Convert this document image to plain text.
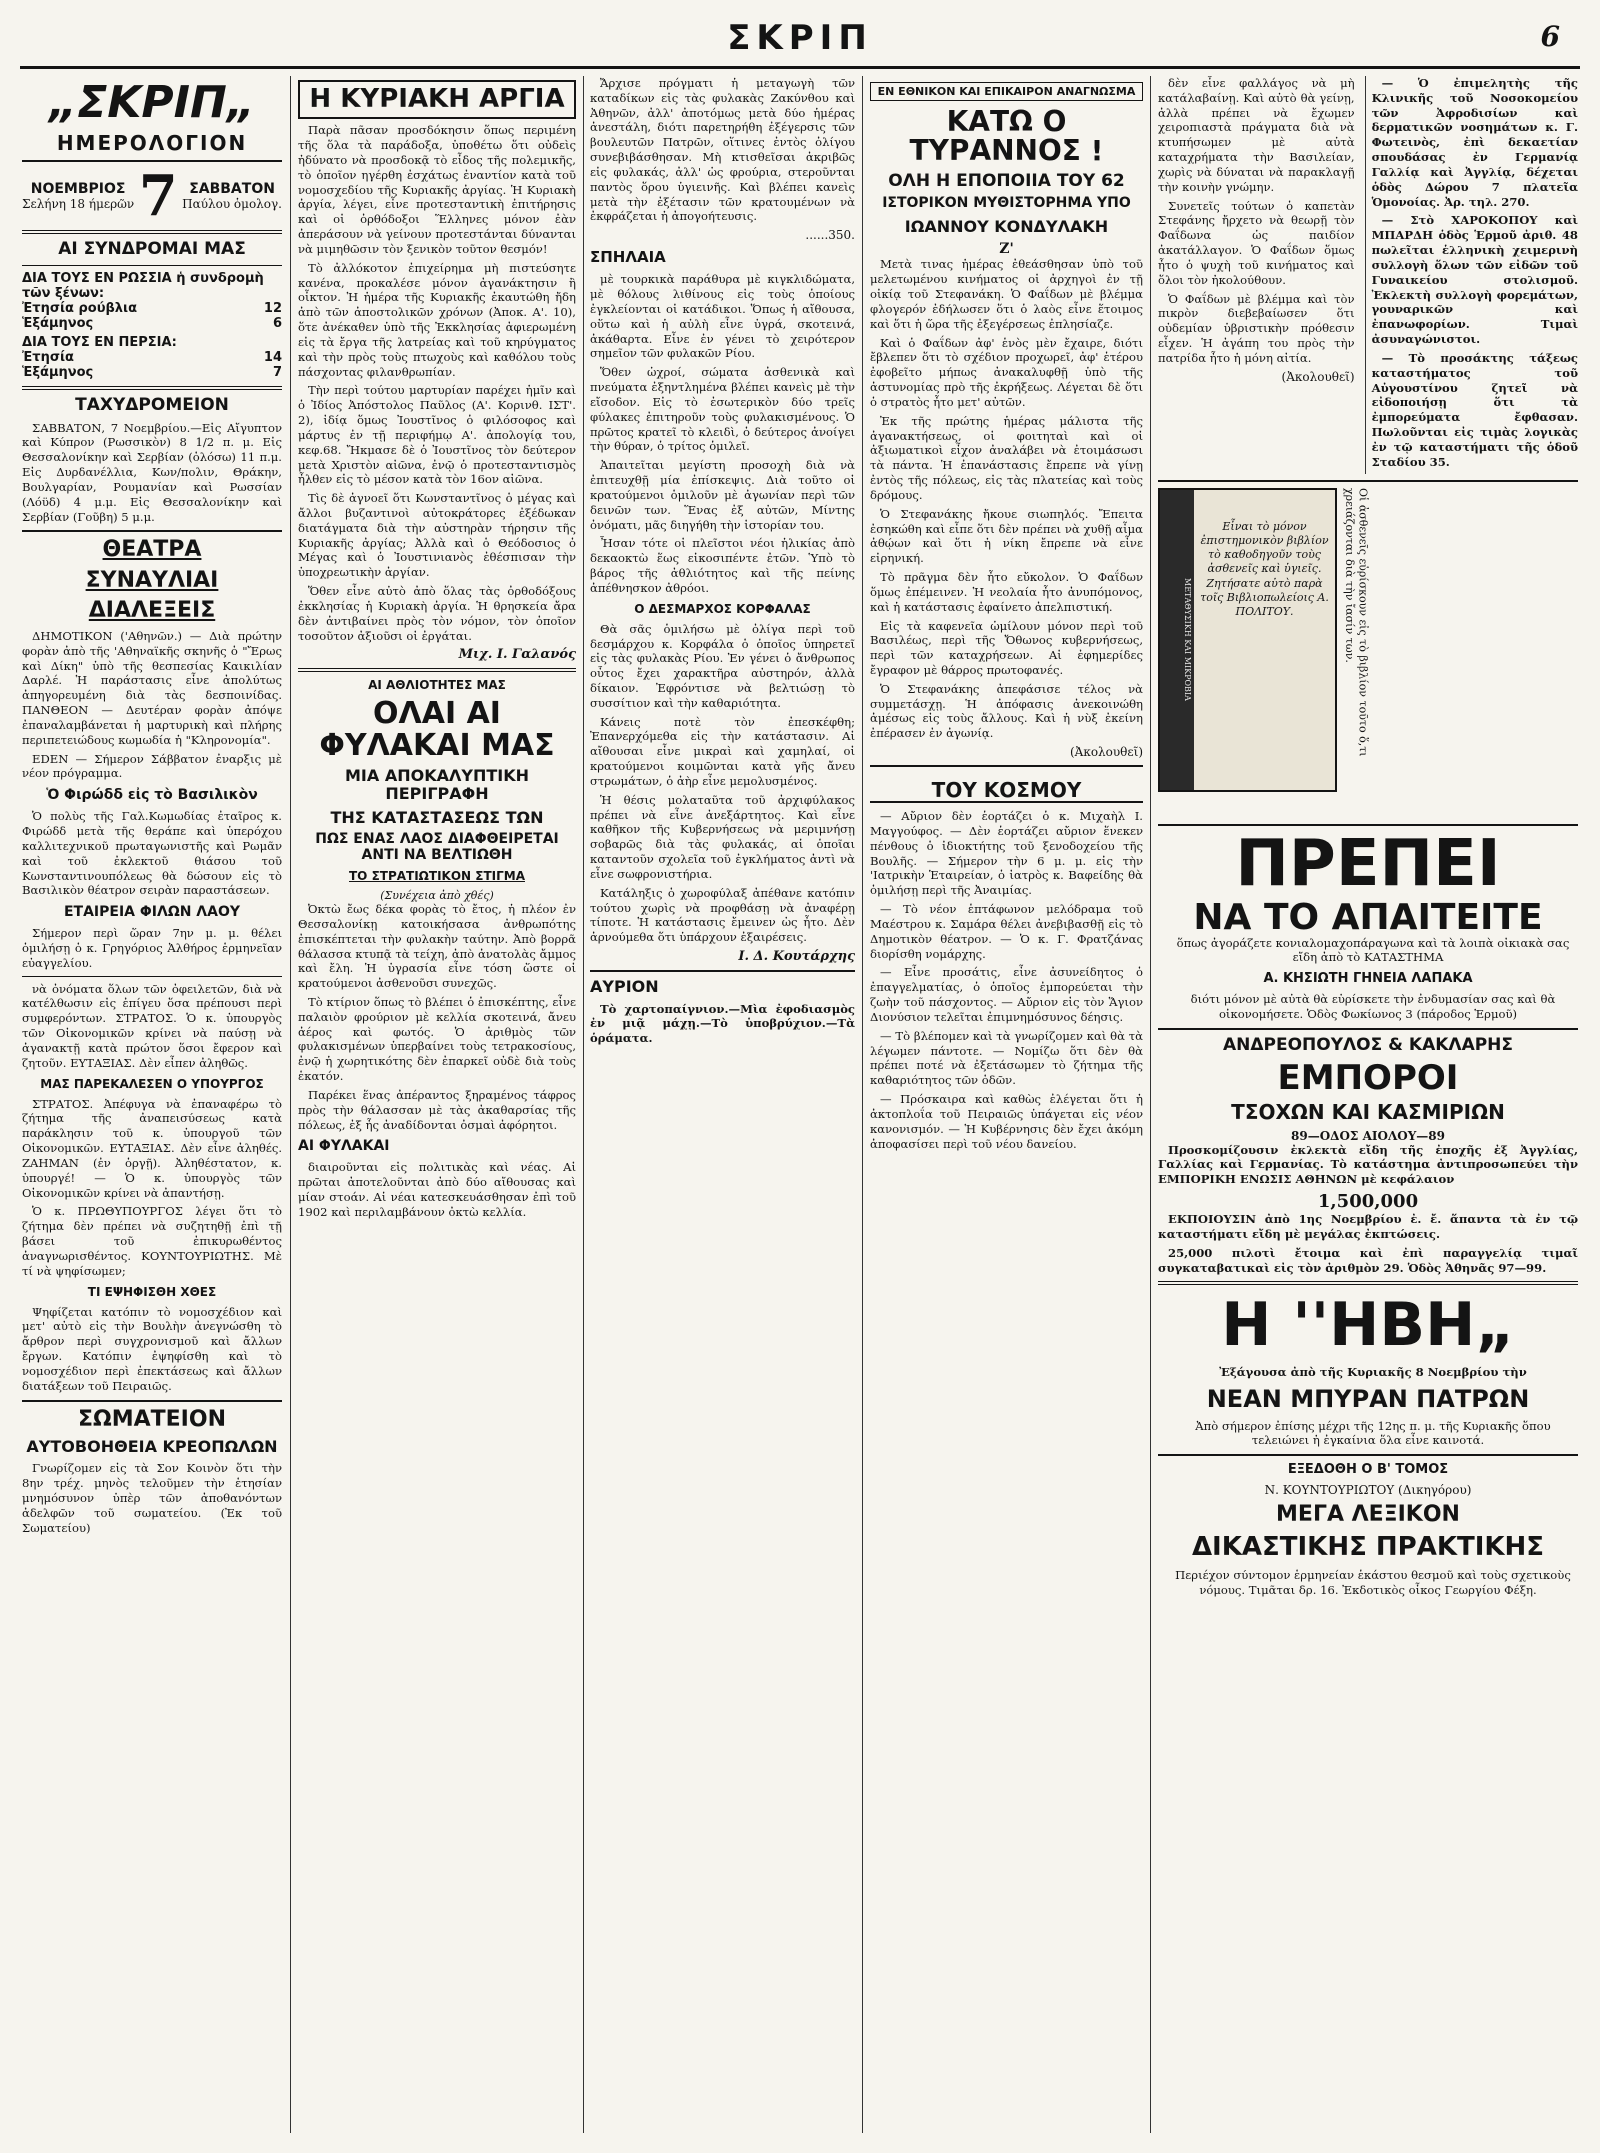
ΣΚΡΙΠ	6
„ΣΚΡΙΠ„
ΗΜΕΡΟΛΟΓΙΟΝ
ΝΟΕΜΒΡΙΟΣ
Σελήνη 18 ήμερῶν 7 ΣΑΒΒΑΤΟΝ
Παύλου ὁμολογ.
ΑΙ ΣΥΝΔΡΟΜΑΙ ΜΑΣ
ΔΙΑ ΤΟΥΣ ΕΝ ΡΩΣΣΙΑ ἡ συνδρομὴ τῶν ξένων:
Ἐτησία ρούβλια	12
Ἑξάμηνος	6
ΔΙΑ ΤΟΥΣ ΕΝ ΠΕΡΣΙΑ:
Ἐτησία	14
Ἑξάμηνος	7
ΤΑΧΥΔΡΟΜΕΙΟΝ

ΣΑΒΒΑΤΟΝ, 7 Νοεμβρίου.—Εἰς Αἴγυπτον καὶ Κύπρον (Ρωσσικὸν) 8 1/2 π. μ. Εἰς Θεσσαλονίκην καὶ Σερβίαν (ὁλόσω) 11 π.μ. Εἰς Δυρδανέλλια, Κων/πολιν, Θράκην, Βουλγαρίαν, Ρουμανίαν καὶ Ρωσσίαν (Λόϋδ) 4 μ.μ. Εἰς Θεσσαλονίκην καὶ Σερβίαν (Γοῦβη) 5 μ.μ.

ΘΕΑΤΡΑ
ΣΥΝΑΥΛΙΑΙ
ΔΙΑΛΕΞΕΙΣ

ΔΗΜΟΤΙΚΟΝ ('Αθηνῶν.) — Διὰ πρώτην φορὰν ἀπὸ τῆς 'Αθηναϊκῆς σκηνῆς ὁ "Ἔρως καὶ Δίκη" ὑπὸ τῆς θεσπεσίας Καικιλίαν Δαρλέ. Ἡ παράστασις εἶνε ἀπολύτως ἀπηγορευμένη διὰ τὰς δεσποινίδας. ΠΑΝΘΕΟΝ — Δευτέραν φορὰν ἀπόψε ἐπαναλαμβάνεται ἡ μαρτυρικὴ καὶ πλήρης περιπετειώδους κωμωδία ἡ "Κληρονομία".

EDEN — Σήμερον Σάββατον ἐναρξις μὲ νέον πρόγραμμα.

Ὁ Φιρώδδ εἰς τὸ Βασιλικὸν

Ὁ πολὺς τῆς Γαλ.Κωμωδίας ἐταῖρος κ. Φιρώδδ μετὰ τῆς θεράπε καὶ ὑπερόχου καλλιτεχνικοῦ πρωταγωνιστῆς καὶ Ρωμᾶν καὶ τοῦ ἐκλεκτοῦ θιάσου τοῦ Κωνσταντινουπόλεως θὰ δώσουν εἰς τὸ Βασιλικὸν θέατρον σειρὰν παραστάσεων.

ΕΤΑΙΡΕΙΑ ΦΙΛΩΝ ΛΑΟΥ

Σήμερον περὶ ὥραν 7ην μ. μ. θέλει ὁμιλήσῃ ὁ κ. Γρηγόριος Ἀλθήρος ἑρμηνεῖαν εὐαγγελίου.

νὰ ὀνόματα ὅλων τῶν ὀφειλετῶν, διὰ νὰ κατέλθωσιν εἰς ἐπίγευ ὅσα πρέπουσι περὶ συμφερόντων. ΣΤΡΑΤΟΣ. Ὁ κ. ὑπουργὸς τῶν Οἰκονομικῶν κρίνει νὰ παύσῃ νὰ ἀγανακτῇ κατὰ πρώτον ὅσοι ἔφερον καὶ ζητοῦν. ΕΥΤΑΞΙΑΣ. Δὲν εἶπεν ἀληθῶς.

ΜΑΣ ΠΑΡΕΚΑΛΕΣΕΝ Ο ΥΠΟΥΡΓΟΣ

ΣΤΡΑΤΟΣ. Ἀπέφυγα νὰ ἐπαναφέρω τὸ ζήτημα τῆς ἀναπεισύσεως κατὰ παράκλησιν τοῦ κ. ὑπουργοῦ τῶν Οἰκονομικῶν. ΕΥΤΑΞΙΑΣ. Δὲν εἶνε ἀληθές. ΖΑΗΜΑΝ (ἐν ὁργῇ). Ἀληθέστατον, κ. ὑπουργέ! — Ὁ κ. ὑπουργὸς τῶν Οἰκονομικῶν κρίνει νὰ ἀπαντήσῃ.

Ὁ κ. ΠΡΩΘΥΠΟΥΡΓΟΣ λέγει ὅτι τὸ ζήτημα δὲν πρέπει νὰ συζητηθῇ ἐπὶ τῇ βάσει τοῦ ἐπικυρωθέντος ἀναγνωρισθέντος. ΚΟΥΝΤΟΥΡΙΩΤΗΣ. Μὲ τί νὰ ψηφίσωμεν;

ΤΙ ΕΨΗΦΙΣΘΗ ΧΘΕΣ

Ψηφίζεται κατόπιν τὸ νομοσχέδιον καὶ μετ' αὐτὸ εἰς τὴν Βουλὴν ἀνεγνώσθη τὸ ἄρθρον περὶ συγχρονισμοῦ καὶ ἄλλων ἔργων. Κατόπιν ἐψηφίσθη καὶ τὸ νομοσχέδιον περὶ ἐπεκτάσεως καὶ ἄλλων διατάξεων τοῦ Πειραιῶς.

ΣΩΜΑΤΕΙΟΝ
ΑΥΤΟΒΟΗΘΕΙΑ ΚΡΕΟΠΩΛΩΝ

Γνωρίζομεν εἰς τὰ Σον Κοινὸν ὅτι τὴν 8ην τρέχ. μηνὸς τελοῦμεν τὴν ἑτησίαν μνημόσυνον ὑπὲρ τῶν ἀποθανόντων ἀδελφῶν τοῦ σωματείου. (Ἐκ τοῦ Σωματείου)

Η ΚΥΡΙΑΚΗ ΑΡΓΙΑ

Παρὰ πᾶσαν προσδόκησιν ὅπως περιμένη τῆς ὅλα τὰ παράδοξα, ὑποθέτω ὅτι οὐδεὶς ἠδύνατο νὰ προσδοκᾷ τὸ εἶδος τῆς πολεμικῆς, τὸ ὁποῖον ηγέρθη ἐσχάτως ἐναντίον κατὰ τοῦ νομοσχεδίου τῆς Κυριακῆς ἀργίας. Ἡ Κυριακὴ ἀργία, λέγει, εἶνε προτεσταντικὴ ἐπιτήρησις καὶ οἱ ὀρθόδοξοι Ἕλληνες μόνον ἐὰν ἀπεράσουν νὰ γείνουν προτεστάνται δύνανται νὰ μιμηθῶσιν τὸν ξενικὸν τοῦτον θεσμόν!

Τὸ ἀλλόκοτον ἐπιχείρημα μὴ πιστεύσητε κανένα, προκαλέσε μόνον ἀγανάκτησιν ἢ οἶκτον. Ἡ ἡμέρα τῆς Κυριακῆς ἐκαυτώθη ἤδη ἀπὸ τῶν ἀποστολικῶν χρόνων (Ἀποκ. Α'. 10), ὅτε ἀνέκαθεν ὑπὸ τῆς Ἐκκλησίας ἀφιερωμένη εἰς τὰ ἔργα τῆς λατρείας καὶ τοῦ κηρύγματος καὶ τὴν πρὸς τοὺς πτωχοὺς καὶ καθόλου τοὺς πάσχοντας φιλανθρωπίαν.

Τὴν περὶ τούτου μαρτυρίαν παρέχει ἡμῖν καὶ ὁ Ἰδίος Ἀπόστολος Παῦλος (Α'. Κορινθ. ΙΣΤ'. 2), ἰδίᾳ ὅμως Ἰουστῖνος ὁ φιλόσοφος καὶ μάρτυς ἐν τῇ περιφήμῳ Α'. ἀπολογίᾳ του, κεφ.68. Ἤκμασε δὲ ὁ Ἰουστῖνος τὸν δεύτερον μετὰ Χριστὸν αἰῶνα, ἐνῷ ὁ προτεσταντισμὸς ἦλθεν εἰς τὸ μέσον κατὰ τὸν 16ον αἰῶνα.

Τὶς δὲ ἀγνοεῖ ὅτι Κωνσταντῖνος ὁ μέγας καὶ ἄλλοι βυζαντινοὶ αὐτοκράτορες ἐξέδωκαν διατάγματα διὰ τὴν αὐστηρὰν τήρησιν τῆς Κυριακῆς ἀργίας; Ἀλλὰ καὶ ὁ Θεόδοσιος ὁ Μέγας καὶ ὁ Ἰουστινιανὸς ἐθέσπισαν τὴν ὑποχρεωτικὴν ἀργίαν.

Ὅθεν εἶνε αὐτὸ ἀπὸ ὅλας τὰς ὀρθοδόξους ἐκκλησίας ἡ Κυριακὴ ἀργία. Ἡ θρησκεία ἄρα δὲν ἀντιβαίνει πρὸς τὸν νόμον, τὸν ὁποῖον τοσοῦτον ἀξιοῦσι οἱ ἐργάται.

Μιχ. Ι. Γαλανός
ΑΙ ΑΘΛΙΟΤΗΤΕΣ ΜΑΣ
ΟΛΑΙ ΑΙ ΦΥΛΑΚΑΙ ΜΑΣ
ΜΙΑ ΑΠΟΚΑΛΥΠΤΙΚΗ ΠΕΡΙΓΡΑΦΗ
ΤΗΣ ΚΑΤΑΣΤΑΣΕΩΣ ΤΩΝ
ΠΩΣ ΕΝΑΣ ΛΑΟΣ ΔΙΑΦΘΕΙΡΕΤΑΙ ΑΝΤΙ ΝΑ ΒΕΛΤΙΩΘΗ
ΤΟ ΣΤΡΑΤΙΩΤΙΚΟΝ ΣΤΙΓΜΑ
(Συνέχεια ἀπὸ χθές)

Ὀκτὼ ἔως δέκα φορὰς τὸ ἔτος, ἡ πλέον ἐν Θεσσαλονίκῃ κατοικήσασα ἀνθρωπότης ἐπισκέπτεται τὴν φυλακὴν ταύτην. Ἀπὸ βορρᾶ θάλασσα κτυπᾷ τὰ τείχη, ἀπὸ ἀνατολὰς ἄμμος καὶ ἔλη. Ἡ ὑγρασία εἶνε τόση ὥστε οἱ κρατούμενοι ἀσθενοῦσι συνεχῶς.

Τὸ κτίριον ὅπως τὸ βλέπει ὁ ἐπισκέπτης, εἶνε παλαιὸν φρούριον μὲ κελλία σκοτεινά, ἄνευ ἀέρος καὶ φωτός. Ὁ ἀριθμὸς τῶν φυλακισμένων ὑπερβαίνει τοὺς τετρακοσίους, ἐνῷ ἡ χωρητικότης δὲν ἐπαρκεῖ οὐδὲ διὰ τοὺς ἑκατόν.

Παρέκει ἕνας ἀπέραντος ξηραμένος τάφρος πρὸς τὴν θάλασσαν μὲ τὰς ἀκαθαρσίας τῆς πόλεως, ἐξ ἧς ἀναδίδονται ὀσμαὶ ἀφόρητοι.

ΑΙ ΦΥΛΑΚΑΙ

διαιροῦνται εἰς πολιτικὰς καὶ νέας. Αἱ πρῶται ἀποτελοῦνται ἀπὸ δύο αἴθουσας καὶ μίαν στοάν. Αἱ νέαι κατεσκευάσθησαν ἐπὶ τοῦ 1902 καὶ περιλαμβάνουν ὀκτὼ κελλία.

Ἄρχισε πρόγματι ἡ μεταγωγὴ τῶν καταδίκων εἰς τὰς φυλακὰς Ζακύνθου καὶ Ἀθηνῶν, ἀλλ' ἀποτόμως μετὰ δύο ἡμέρας ἀνεστάλη, διότι παρετηρήθη ἐξέγερσις τῶν βουλευτῶν Πατρῶν, οἵτινες ἐντὸς ὀλίγου συνεβιβάσθησαν. Μὴ κτισθεῖσαι ἀκριβῶς εἰς φυλακάς, ἀλλ' ὡς φρούρια, στεροῦνται παντὸς ὅρου ὑγιεινῆς. Καὶ βλέπει κανεὶς μετὰ τὴν ἐξέτασιν τῶν κρατουμένων νὰ ἐκφράζεται ἡ ἀπογοήτευσις.

......350.
ΣΠΗΛΑΙΑ

μὲ τουρκικὰ παράθυρα μὲ κιγκλιδώματα, μὲ θόλους λιθίνους εἰς τοὺς ὁποίους ἐγκλείονται οἱ κατάδικοι. Ὅπως ἡ αἴθουσα, οὕτω καὶ ἡ αὐλὴ εἶνε ὑγρά, σκοτεινά, ἀκάθαρτα. Εἶνε ἐν γένει τὸ χειρότερον σημεῖον τῶν φυλακῶν Ρίου.

Ὅθεν ὠχροί, σώματα ἀσθενικὰ καὶ πνεύματα ἐξηντλημένα βλέπει κανεὶς μὲ τὴν εἴσοδον. Εἰς τὸ ἐσωτερικὸν δύο τρεῖς φύλακες ἐπιτηροῦν τοὺς φυλακισμένους. Ὁ πρῶτος κρατεῖ τὸ κλειδὶ, ὁ δεύτερος ἀνοίγει τὴν θύραν, ὁ τρίτος ὁμιλεῖ.

Ἀπαιτεῖται μεγίστη προσοχὴ διὰ νὰ ἐπιτευχθῇ μία ἐπίσκεψις. Διὰ τοῦτο οἱ κρατούμενοι ὁμιλοῦν μὲ ἀγωνίαν περὶ τῶν δεινῶν των. Ἕνας ἐξ αὐτῶν, Μίντης ὀνόματι, μᾶς διηγήθη τὴν ἱστορίαν του.

Ἦσαν τότε οἱ πλεῖστοι νέοι ἡλικίας ἀπὸ δεκαοκτὼ ἕως εἰκοσιπέντε ἐτῶν. Ὑπὸ τὸ βάρος τῆς ἀθλιότητος καὶ τῆς πείνης ἀπέθνησκον ἀθρόοι.

Ο ΔΕΣΜΑΡΧΟΣ ΚΟΡΦΑΛΑΣ

Θὰ σᾶς ὁμιλήσω μὲ ὀλίγα περὶ τοῦ δεσμάρχου κ. Κορφάλα ὁ ὁποῖος ὑπηρετεῖ εἰς τὰς φυλακὰς Ρίου. Ἐν γένει ὁ ἄνθρωπος οὗτος ἔχει χαρακτῆρα αὐστηρόν, ἀλλὰ δίκαιον. Ἐφρόντισε νὰ βελτιώσῃ τὸ συσσίτιον καὶ τὴν καθαριότητα.

Κάνεις ποτὲ τὸν ἐπεσκέφθη; Ἐπανερχόμεθα εἰς τὴν κατάστασιν. Αἱ αἴθουσαι εἶνε μικραὶ καὶ χαμηλαί, οἱ κρατούμενοι κοιμῶνται κατὰ γῆς ἄνευ στρωμάτων, ὁ ἀὴρ εἶνε μεμολυσμένος.

Ἡ θέσις μολαταῦτα τοῦ ἀρχιφύλακος πρέπει νὰ εἶνε ἀνεξάρτητος. Καὶ εἶνε καθῆκον τῆς Κυβερνήσεως νὰ μεριμνήσῃ σοβαρῶς διὰ τὰς φυλακάς, αἱ ὁποῖαι καταντοῦν σχολεῖα τοῦ ἐγκλήματος ἀντὶ νὰ εἶνε σωφρονιστήρια.

Κατάληξις ὁ χωροφύλαξ ἀπέθανε κατόπιν τούτου χωρὶς νὰ προφθάσῃ νὰ ἀναφέρῃ τίποτε. Ἡ κατάστασις ἔμεινεν ὡς ἦτο. Δὲν ἀρνούμεθα ὅτι ὑπάρχουν ἐξαιρέσεις.

Ι. Δ. Κουτάρχης
ΑΥΡΙΟΝ

Τὸ χαρτοπαίγνιον.—Μὶα ἐφοδιασμὸς ἐν μιᾷ μάχῃ.—Τὸ ὑποβρύχιον.—Τὰ ὁράματα.

ΕΝ ΕΘΝΙΚΟΝ ΚΑΙ ΕΠΙΚΑΙΡΟΝ ΑΝΑΓΝΩΣΜΑ
ΚΑΤΩ Ο ΤΥΡΑΝΝΟΣ !
ΟΛΗ Η ΕΠΟΠΟΙΙΑ ΤΟΥ 62
ΙΣΤΟΡΙΚΟΝ ΜΥΘΙΣΤΟΡΗΜΑ ΥΠΟ
ΙΩΑΝΝΟΥ ΚΟΝΔΥΛΑΚΗ
Ζ'

Μετὰ τινας ἡμέρας ἐθεάσθησαν ὑπὸ τοῦ μελετωμένου κινήματος οἱ ἀρχηγοὶ ἐν τῇ οἰκίᾳ τοῦ Στεφανάκη. Ὁ Φαΐδων μὲ βλέμμα φλογερόν ἐδήλωσεν ὅτι ὁ λαὸς εἶνε ἕτοιμος καὶ ὅτι ἡ ὥρα τῆς ἐξεγέρσεως ἐπλησίαζε.

Καὶ ὁ Φαΐδων ἀφ' ἑνὸς μὲν ἔχαιρε, διότι ἔβλεπεν ὅτι τὸ σχέδιον προχωρεῖ, ἀφ' ἑτέρου ἐφοβεῖτο μήπως ἀνακαλυφθῇ ὑπὸ τῆς ἀστυνομίας πρὸ τῆς ἐκρήξεως. Λέγεται δὲ ὅτι ὁ στρατὸς ἦτο μετ' αὐτῶν.

Ἐκ τῆς πρώτης ἡμέρας μάλιστα τῆς ἀγανακτήσεως, οἱ φοιτηταὶ καὶ οἱ ἀξιωματικοὶ εἶχον ἀναλάβει νὰ ἐτοιμάσωσι τὰ πάντα. Ἡ ἐπανάστασις ἔπρεπε νὰ γίνῃ ἐντὸς τῆς πόλεως, εἰς τὰς πλατείας καὶ τοὺς δρόμους.

Ὁ Στεφανάκης ἤκουε σιωπηλός. Ἔπειτα ἐσηκώθη καὶ εἶπε ὅτι δὲν πρέπει νὰ χυθῇ αἷμα ἀθῴων καὶ ὅτι ἡ νίκη ἔπρεπε νὰ εἶνε εἰρηνική.

Τὸ πρᾶγμα δὲν ἦτο εὔκολον. Ὁ Φαΐδων ὅμως ἐπέμεινεν. Ἡ νεολαία ἦτο ἀνυπόμονος, καὶ ἡ κατάστασις ἐφαίνετο ἀπελπιστική.

Εἰς τὰ καφενεῖα ὡμίλουν μόνον περὶ τοῦ Βασιλέως, περὶ τῆς Ὄθωνος κυβερνήσεως, περὶ τῶν καταχρήσεων. Αἱ ἐφημερίδες ἔγραφον μὲ θάρρος πρωτοφανές.

Ὁ Στεφανάκης ἀπεφάσισε τέλος νὰ συμμετάσχῃ. Ἡ ἀπόφασις ἀνεκοινώθη ἀμέσως εἰς τοὺς ἄλλους. Καὶ ἡ νὺξ ἐκείνη ἐπέρασεν ἐν ἀγωνίᾳ.

(Ἀκολουθεῖ)
ΤΟΥ ΚΟΣΜΟΥ

— Αὔριον δὲν ἑορτάζει ὁ κ. Μιχαὴλ Ι. Μαγγούφος. — Δὲν ἑορτάζει αὔριον ἕνεκεν πένθους ὁ ἰδιοκτήτης τοῦ ξενοδοχείου τῆς Βουλῆς. — Σήμερον τὴν 6 μ. μ. εἰς τὴν 'Ιατρικὴν Ἑταιρείαν, ὁ ἰατρὸς κ. Βαφείδης θὰ ὁμιλήσῃ περὶ τῆς Ἀναιμίας.

— Τὸ νέον ἑπτάφωνον μελόδραμα τοῦ Μαέστρου κ. Σαμάρα θέλει ἀνεβιβασθῇ εἰς τὸ Δημοτικὸν θέατρον. — Ὁ κ. Γ. Φρατζάνας διορίσθη νομάρχης.

— Εἶνε προσάτις, εἶνε ἀσυνείδητος ὁ ἐπαγγελματίας, ὁ ὁποῖος ἐμπορεύεται τὴν ζωὴν τοῦ πάσχοντος. — Αὔριον εἰς τὸν Ἅγιον Διονύσιον τελεῖται ἐπιμνημόσυνος δέησις.

— Τὸ βλέπομεν καὶ τὰ γνωρίζομεν καὶ θὰ τὰ λέγωμεν πάντοτε. — Νομίζω ὅτι δὲν θὰ πρέπει ποτέ νὰ ἐξετάσωμεν τὸ ζήτημα τῆς καθαριότητος τῶν ὁδῶν.

— Πρόσκαιρα καὶ καθὼς ἐλέγεται ὅτι ἡ ἀκτοπλοΐα τοῦ Πειραιῶς ὑπάγεται εἰς νέον κανονισμόν. — Ἡ Κυβέρνησις δὲν ἔχει ἀκόμη ἀποφασίσει περὶ τοῦ νέου δανείου.

δὲν εἶνε φαλλάγος νὰ μὴ κατάλαβαίνῃ. Καὶ αὐτὸ θὰ γείνῃ, ἀλλὰ πρέπει νὰ ἔχωμεν χειροπιαστὰ πράγματα διὰ νὰ κτυπήσωμεν μὲ αὐτὰ καταχρήματα τὴν Βασιλείαν, χωρὶς νὰ δύναται νὰ παρακλαγῇ τὴν κοινὴν γνώμην.

Συνετεῖς τούτων ὁ καπετὰν Στεφάνης ἤρχετο νὰ θεωρῇ τὸν Φαΐδωνα ὡς παιδίον ἀκατάλλαγον. Ὁ Φαΐδων ὅμως ἦτο ὁ ψυχὴ τοῦ κινήματος καὶ ὅλοι τὸν ἠκολούθουν.

Ὁ Φαΐδων μὲ βλέμμα καὶ τὸν πικρὸν διεβεβαίωσεν ὅτι οὐδεμίαν ὑβριστικὴν πρόθεσιν εἶχεν. Ἡ ἀγάπη του πρὸς τὴν πατρίδα ἦτο ἡ μόνη αἰτία.

(Ἀκολουθεῖ)

— Ὁ ἐπιμελητὴς τῆς Κλινικῆς τοῦ Νοσοκομείου τῶν Ἀφροδισίων καὶ δερματικῶν νοσημάτων κ. Γ. Φωτεινὸς, ἐπὶ δεκαετίαν σπουδάσας ἐν Γερμανίᾳ Γαλλίᾳ καὶ Ἀγγλίᾳ, δέχεται ὁδὸς Δώρου 7 πλατεῖα Ὁμονοίας. Ἀρ. τηλ. 270.

— Στὸ ΧΑΡΟΚΟΠΟΥ καὶ ΜΠΑΡΔΗ ὁδὸς Ἑρμοῦ ἀριθ. 48 πωλεῖται ἑλληνικὴ χειμερινὴ συλλογὴ ὅλων τῶν εἰδῶν τοῦ Γυναικείου στολισμοῦ. Ἐκλεκτὴ συλλογὴ φορεμάτων, γουναρικῶν καὶ ἐπανωφορίων. Τιμαὶ ἀσυναγώνιστοι.

— Τὸ προσάκτης τάξεως καταστήματος τοῦ Αὐγουστίνου ζητεῖ νὰ εἰδοποιήσῃ ὅτι τὰ ἐμπορεύματα ἔφθασαν. Πωλοῦνται εἰς τιμὰς λογικὰς ἐν τῷ καταστήματι τῆς ὁδοῦ Σταδίου 35.

ΜΕΤΑΘΥΣΙΚΗ ΚΑΙ ΜΙΚΡΟΒΙΑ
Εἶναι τὸ μόνον ἐπιστημονικὸν βιβλίον τὸ καθοδηγοῦν τοὺς ἀσθενεῖς καὶ ὑγιεῖς. Ζητήσατε αὐτὸ παρὰ τοῖς Βιβλιοπωλείοις Α. ΠΟΛΙΤΟΥ.	Οἱ ἀσθενεῖς εὑρίσκουν εἰς τὸ βιβλίον τοῦτο ὅ,τι χρειάζονται διὰ τὴν ἴασίν των.
ΠΡΕΠΕΙ
ΝΑ ΤΟ ΑΠΑΙΤΕΙΤΕ

ὅπως ἀγοράζετε κονιαλομαχοπάραγωνα καὶ τὰ λοιπὰ οἰκιακὰ σας εἴδη ἀπὸ τὸ ΚΑΤΑΣΤΗΜΑ

Α. ΚΗΣΙΩΤΗ ΓΗΝΕΙΑ ΛΑΠΑΚΑ

διότι μόνον μὲ αὐτὰ θὰ εὑρίσκετε τὴν ἐνδυμασίαν σας καὶ θὰ οἰκονομήσετε. Ὁδὸς Φωκίωνος 3 (πάροδος Ἑρμοῦ)

ΑΝΔΡΕΟΠΟΥΛΟΣ & ΚΑΚΛΑΡΗΣ
ΕΜΠΟΡΟΙ
ΤΣΟΧΩΝ ΚΑΙ ΚΑΣΜΙΡΙΩΝ
89—ΟΔΟΣ ΑΙΟΛΟΥ—89

Προσκομίζουσιν ἐκλεκτὰ εἴδη τῆς ἐποχῆς ἐξ Ἀγγλίας, Γαλλίας καὶ Γερμανίας. Τὸ κατάστημα ἀντιπροσωπεύει τὴν ΕΜΠΟΡΙΚΗ ΕΝΩΣΙΣ ΑΘΗΝΩΝ μὲ κεφάλαιον

1,500,000

ΕΚΠΟΙΟΥΣΙΝ ἀπὸ 1ης Νοεμβρίου ἐ. ἔ. ἅπαντα τὰ ἐν τῷ καταστήματι εἴδη μὲ μεγάλας ἐκπτώσεις.

25,000 πιλοτὶ ἔτοιμα καὶ ἐπὶ παραγγελίᾳ τιμαῖ συγκαταβατικαὶ εἰς τὸν ἀριθμὸν 29. Ὁδὸς Ἀθηνᾶς 97—99.

Η ''ΗΒΗ„

Ἐξάγουσα ἀπὸ τῆς Κυριακῆς 8 Νοεμβρίου τὴν

ΝΕΑΝ ΜΠΥΡΑΝ ΠΑΤΡΩΝ

Ἀπὸ σήμερον ἐπίσης μέχρι τῆς 12ης π. μ. τῆς Κυριακῆς ὅπου τελειώνει ἡ ἐγκαίνια ὅλα εἶνε καινοτά.

ΕΞΕΔΟΘΗ Ο Β' ΤΟΜΟΣ
Ν. ΚΟΥΝΤΟΥΡΙΩΤΟΥ (Δικηγόρου)
ΜΕΓΑ ΛΕΞΙΚΟΝ
ΔΙΚΑΣΤΙΚΗΣ ΠΡΑΚΤΙΚΗΣ

Περιέχον σύντομον ἑρμηνείαν ἑκάστου θεσμοῦ καὶ τοὺς σχετικοὺς νόμους. Τιμᾶται δρ. 16. Ἐκδοτικὸς οἶκος Γεωργίου Φέξη.
